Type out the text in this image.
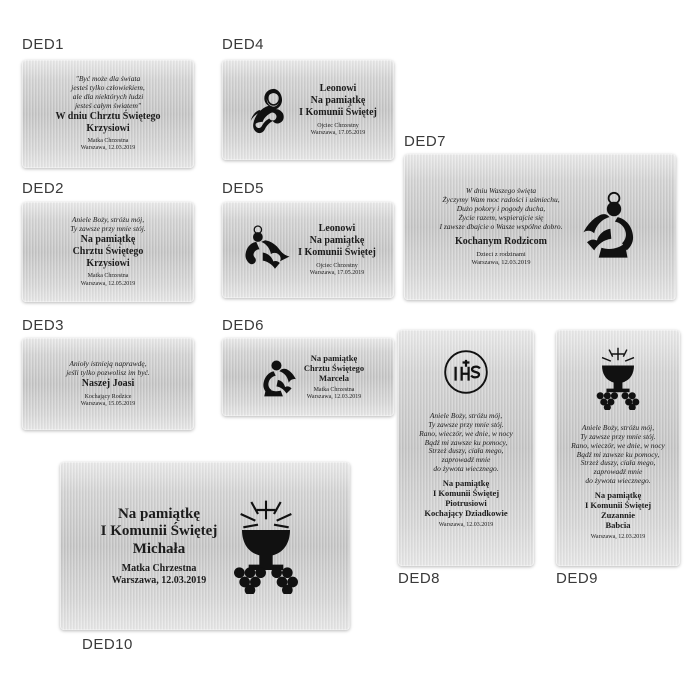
DED1
"Być może dla świata
jesteś tylko człowiekiem,
ale dla niektórych ludzi
jesteś całym światem"
W dniu Chrztu Świętego
Krzysiowi
Matka Chrzestna
Warszawa, 12.03.2019
DED2
Aniele Boży, stróżu mój,
Ty zawsze przy mnie stój.
Na pamiątkę
Chrztu Świętego
Krzysiowi
Matka Chrzestna
Warszawa, 12.05.2019
DED3
Anioły istnieją naprawdę,
jeśli tylko pozwolisz im być.
Naszej Joasi
Kochający Rodzice
Warszawa, 15.05.2019
DED4
Leonowi
Na pamiątkę
I Komunii Świętej
Ojciec Chrzestny
Warszawa, 17.05.2019
DED5
Leonowi
Na pamiątkę
I Komunii Świętej
Ojciec Chrzestny
Warszawa, 17.05.2019
DED6
Na pamiątkę
Chrztu Świętego
Marcela
Matka Chrzestna
Warszawa, 12.03.2019
DED7
W dniu Waszego święta
Życzymy Wam moc radości i uśmiechu,
Dużo pokory i pogody ducha,
Życie razem, wspierajcie się
I zawsze dbajcie o Wasze wspólne dobro.
Kochanym Rodzicom
Dzieci z rodzinami
Warszawa, 12.03.2019
DED8
Aniele Boży, stróżu mój,
Ty zawsze przy mnie stój.
Rano, wieczór, we dnie, w nocy
Bądź mi zawsze ku pomocy,
Strzeż duszy, ciała mego,
zaprowadź mnie
do żywota wiecznego.
Na pamiątkę
I Komunii Świętej
Piotrusiowi
Kochający Dziadkowie
Warszawa, 12.03.2019
DED9
Aniele Boży, stróżu mój,
Ty zawsze przy mnie stój.
Rano, wieczór, we dnie, w nocy
Bądź mi zawsze ku pomocy,
Strzeż duszy, ciała mego,
zaprowadź mnie
do żywota wiecznego.
Na pamiątkę
I Komunii Świętej
Zuzannie
Babcia
Warszawa, 12.03.2019
DED10
Na pamiątkę
I Komunii Świętej
Michała
Matka Chrzestna
Warszawa, 12.03.2019
